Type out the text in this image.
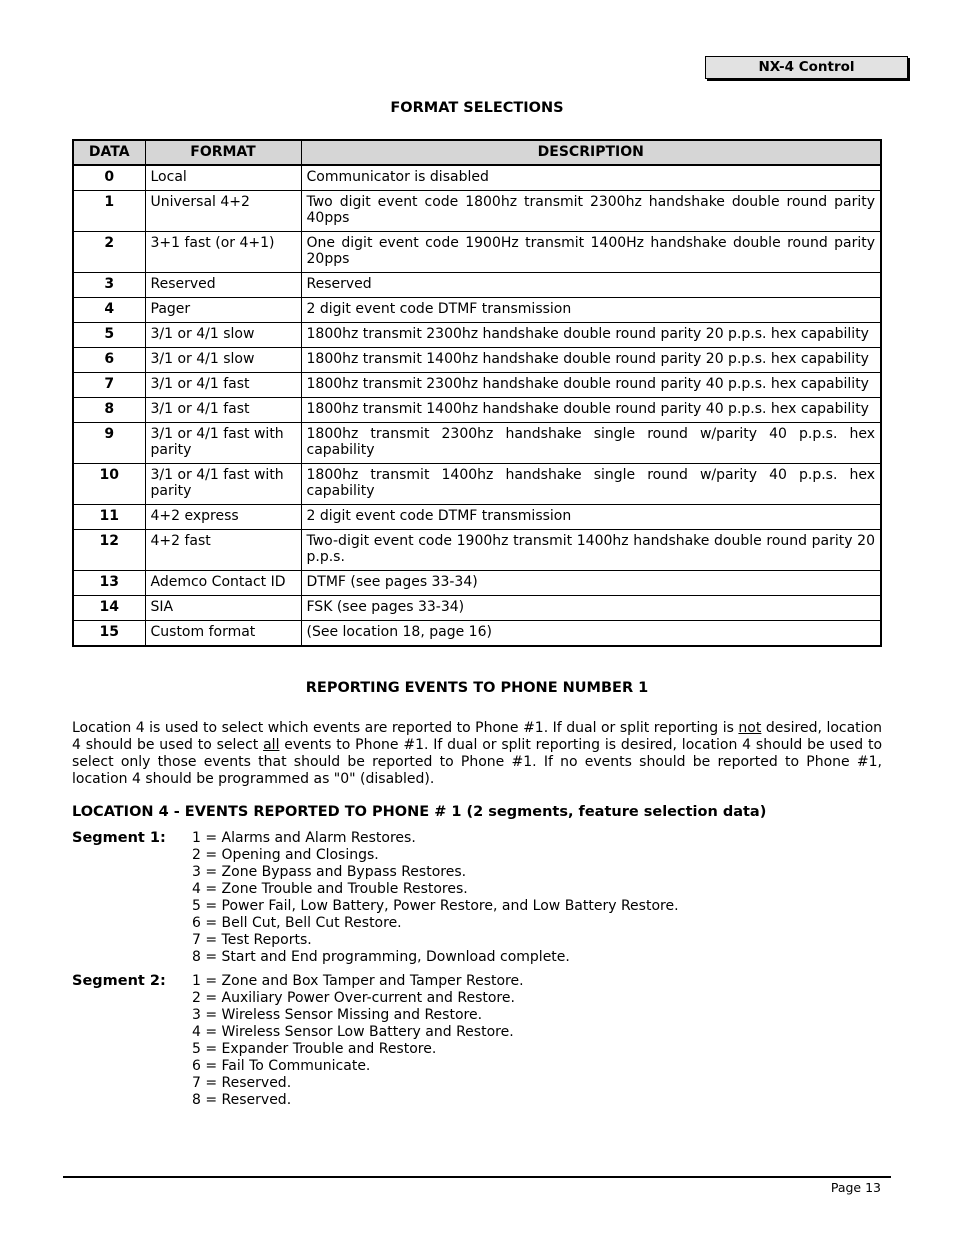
NX-4 Control
FORMAT SELECTIONS
DATA	FORMAT	DESCRIPTION
0	Local	Communicator is disabled
1	Universal 4+2	Two digit event code 1800hz transmit 2300hz handshake double round parity 40pps
2	3+1 fast (or 4+1)	One digit event code 1900Hz transmit 1400Hz handshake double round parity 20pps
3	Reserved	Reserved
4	Pager	2 digit event code DTMF transmission
5	3/1 or 4/1 slow	1800hz transmit 2300hz handshake double round parity 20 p.p.s. hex capability
6	3/1 or 4/1 slow	1800hz transmit 1400hz handshake double round parity 20 p.p.s. hex capability
7	3/1 or 4/1 fast	1800hz transmit 2300hz handshake double round parity 40 p.p.s. hex capability
8	3/1 or 4/1 fast	1800hz transmit 1400hz handshake double round parity 40 p.p.s. hex capability
9	3/1 or 4/1 fast with parity	1800hz transmit 2300hz handshake single round w/parity 40 p.p.s. hex capability
10	3/1 or 4/1 fast with parity	1800hz transmit 1400hz handshake single round w/parity 40 p.p.s. hex capability
11	4+2 express	2 digit event code DTMF transmission
12	4+2 fast	Two-digit event code 1900hz transmit 1400hz handshake double round parity 20 p.p.s.
13	Ademco Contact ID	DTMF (see pages 33-34)
14	SIA	FSK (see pages 33-34)
15	Custom format	(See location 18, page 16)
REPORTING EVENTS TO PHONE NUMBER 1
Location 4 is used to select which events are reported to Phone #1. If dual or split reporting is not desired, location 4 should be used to select all events to Phone #1. If dual or split reporting is desired, location 4 should be used to select only those events that should be reported to Phone #1. If no events should be reported to Phone #1, location 4 should be programmed as "0" (disabled).
LOCATION 4 - EVENTS REPORTED TO PHONE # 1 (2 segments, feature selection data)
Segment 1: 1 = Alarms and Alarm Restores.
2 = Opening and Closings.
3 = Zone Bypass and Bypass Restores.
4 = Zone Trouble and Trouble Restores.
5 = Power Fail, Low Battery, Power Restore, and Low Battery Restore.
6 = Bell Cut, Bell Cut Restore.
7 = Test Reports.
8 = Start and End programming, Download complete.
Segment 2: 1 = Zone and Box Tamper and Tamper Restore.
2 = Auxiliary Power Over-current and Restore.
3 = Wireless Sensor Missing and Restore.
4 = Wireless Sensor Low Battery and Restore.
5 = Expander Trouble and Restore.
6 = Fail To Communicate.
7 = Reserved.
8 = Reserved.
Page 13
